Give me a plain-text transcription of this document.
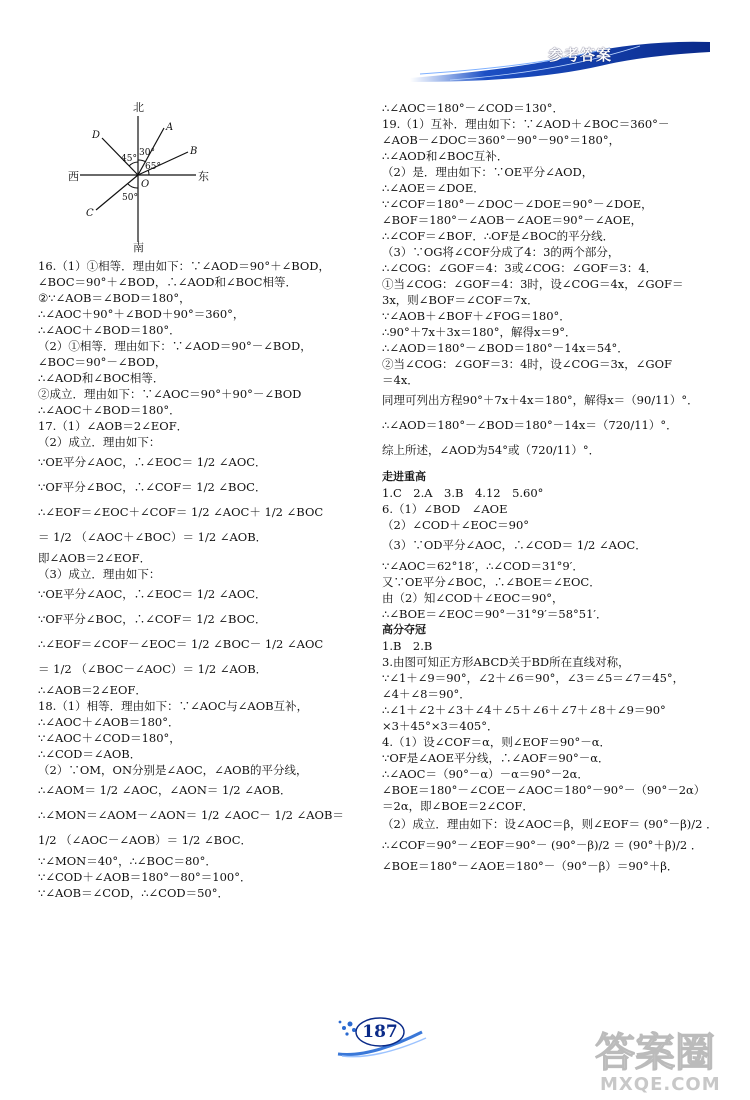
参考答案
北
南
西	东
A
B
C
D
O
30°
45°
65°
50°
16.（1）①相等．理由如下：∵∠AOD＝90°＋∠BOD，
∠BOC＝90°＋∠BOD，∴∠AOD和∠BOC相等．
②∵∠AOB＝∠BOD＝180°，
∴∠AOC＋90°＋∠BOD＋90°＝360°，
∴∠AOC＋∠BOD＝180°．
（2）①相等．理由如下：∵∠AOD＝90°－∠BOD，
∠BOC＝90°－∠BOD，
∴∠AOD和∠BOC相等．
②成立．理由如下：∵∠AOC＝90°＋90°－∠BOD
∴∠AOC＋∠BOD＝180°．
17.（1）∠AOB＝2∠EOF．
（2）成立．理由如下：
∵OE平分∠AOC，∴∠EOC＝ 1/2 ∠AOC．
∵OF平分∠BOC，∴∠COF＝ 1/2 ∠BOC．
∴∠EOF＝∠EOC＋∠COF＝ 1/2 ∠AOC＋ 1/2 ∠BOC
＝ 1/2 （∠AOC＋∠BOC）＝ 1/2 ∠AOB．
即∠AOB＝2∠EOF．
（3）成立．理由如下：
∵OE平分∠AOC，∴∠EOC＝ 1/2 ∠AOC．
∵OF平分∠BOC，∴∠COF＝ 1/2 ∠BOC．
∴∠EOF＝∠COF－∠EOC＝ 1/2 ∠BOC－ 1/2 ∠AOC
＝ 1/2 （∠BOC－∠AOC）＝ 1/2 ∠AOB．
∴∠AOB＝2∠EOF．
18.（1）相等．理由如下：∵∠AOC与∠AOB互补，
∴∠AOC＋∠AOB＝180°．
∵∠AOC＋∠COD＝180°，
∴∠COD＝∠AOB．
（2）∵OM，ON分别是∠AOC，∠AOB的平分线，
∴∠AOM＝ 1/2 ∠AOC，∠AON＝ 1/2 ∠AOB．
∴∠MON＝∠AOM－∠AON＝ 1/2 ∠AOC－ 1/2 ∠AOB＝
1/2 （∠AOC－∠AOB）＝ 1/2 ∠BOC．
∵∠MON＝40°，∴∠BOC＝80°．
∵∠COD＋∠AOB＝180°－80°＝100°．
∵∠AOB＝∠COD，∴∠COD＝50°．
∴∠AOC＝180°－∠COD＝130°．
19.（1）互补．理由如下：∵∠AOD＋∠BOC＝360°－
∠AOB－∠DOC＝360°－90°－90°＝180°，
∴∠AOD和∠BOC互补．
（2）是．理由如下：∵OE平分∠AOD，
∴∠AOE＝∠DOE．
∵∠COF＝180°－∠DOC－∠DOE＝90°－∠DOE，
∠BOF＝180°－∠AOB－∠AOE＝90°－∠AOE，
∴∠COF＝∠BOF．∴OF是∠BOC的平分线．
（3）∵OG将∠COF分成了4：3的两个部分，
∴∠COG：∠GOF＝4：3或∠COG：∠GOF＝3：4．
①当∠COG：∠GOF＝4：3时，设∠COG＝4x，∠GOF＝
3x，则∠BOF＝∠COF＝7x．
∵∠AOB＋∠BOF＋∠FOG＝180°．
∴90°＋7x＋3x＝180°，解得x＝9°．
∴∠AOD＝180°－∠BOD＝180°－14x＝54°．
②当∠COG：∠GOF＝3：4时，设∠COG＝3x，∠GOF
＝4x．
同理可列出方程90°＋7x＋4x＝180°，解得x＝（90/11）°．
∴∠AOD＝180°－∠BOD＝180°－14x＝（720/11）°．
综上所述，∠AOD为54°或（720/11）°．
走进重高
1.C　2.A　3.B　4.12　5.60°
6.（1）∠BOD　∠AOE
（2）∠COD＋∠EOC＝90°
（3）∵OD平分∠AOC，∴∠COD＝ 1/2 ∠AOC．
∵∠AOC＝62°18′，∴∠COD＝31°9′．
又∵OE平分∠BOC，∴∠BOE＝∠EOC．
由（2）知∠COD＋∠EOC＝90°，
∴∠BOE＝∠EOC＝90°－31°9′＝58°51′．
高分夺冠
1.B　2.B
3.由图可知正方形ABCD关于BD所在直线对称，
∵∠1＋∠9＝90°，∠2＋∠6＝90°，∠3＝∠5＝∠7＝45°，
∠4＋∠8＝90°．
∴∠1＋∠2＋∠3＋∠4＋∠5＋∠6＋∠7＋∠8＋∠9＝90°
×3＋45°×3＝405°．
4.（1）设∠COF＝α，则∠EOF＝90°－α．
∵OF是∠AOE平分线，∴∠AOF＝90°－α．
∴∠AOC＝（90°－α）－α＝90°－2α．
∠BOE＝180°－∠COE－∠AOC＝180°－90°－（90°－2α）
＝2α，即∠BOE＝2∠COF．
（2）成立．理由如下：设∠AOC＝β，则∠EOF＝ (90°－β)/2 ．
∴∠COF＝90°－∠EOF＝90°－ (90°－β)/2 ＝ (90°＋β)/2 ．
∠BOE＝180°－∠AOE＝180°－（90°－β）＝90°＋β．
187	答案圈
MXQE.COM
